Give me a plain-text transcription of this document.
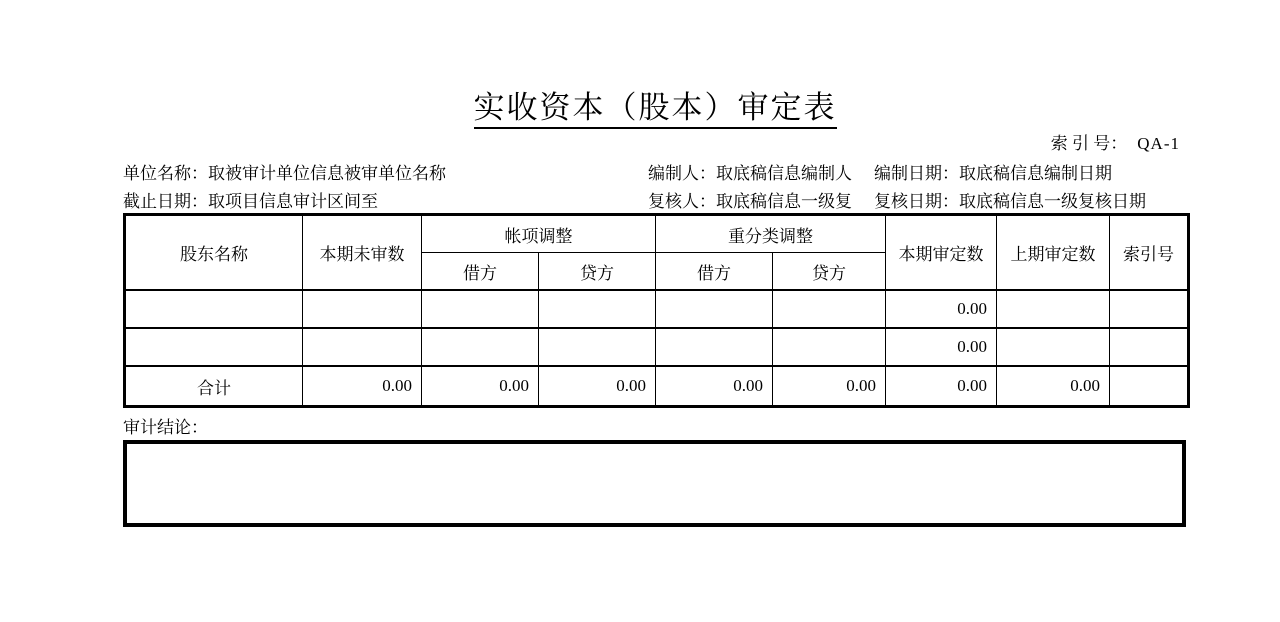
实收资本（股本）审定表
索 引 号： QA-1
单位名称：取被审计单位信息被审单位名称	编制人：取底稿信息编制人 编制日期：取底稿信息编制日期
截止日期：取项目信息审计区间至	复核人：取底稿信息一级复 复核日期：取底稿信息一级复核日期
股东名称	本期未审数	帐项调整		重分类调整		本期审定数	上期审定数	索引号
		借方	贷方	借方	贷方			
						0.00		
						0.00		
合计	0.00	0.00	0.00	0.00	0.00	0.00	0.00	
审计结论：
